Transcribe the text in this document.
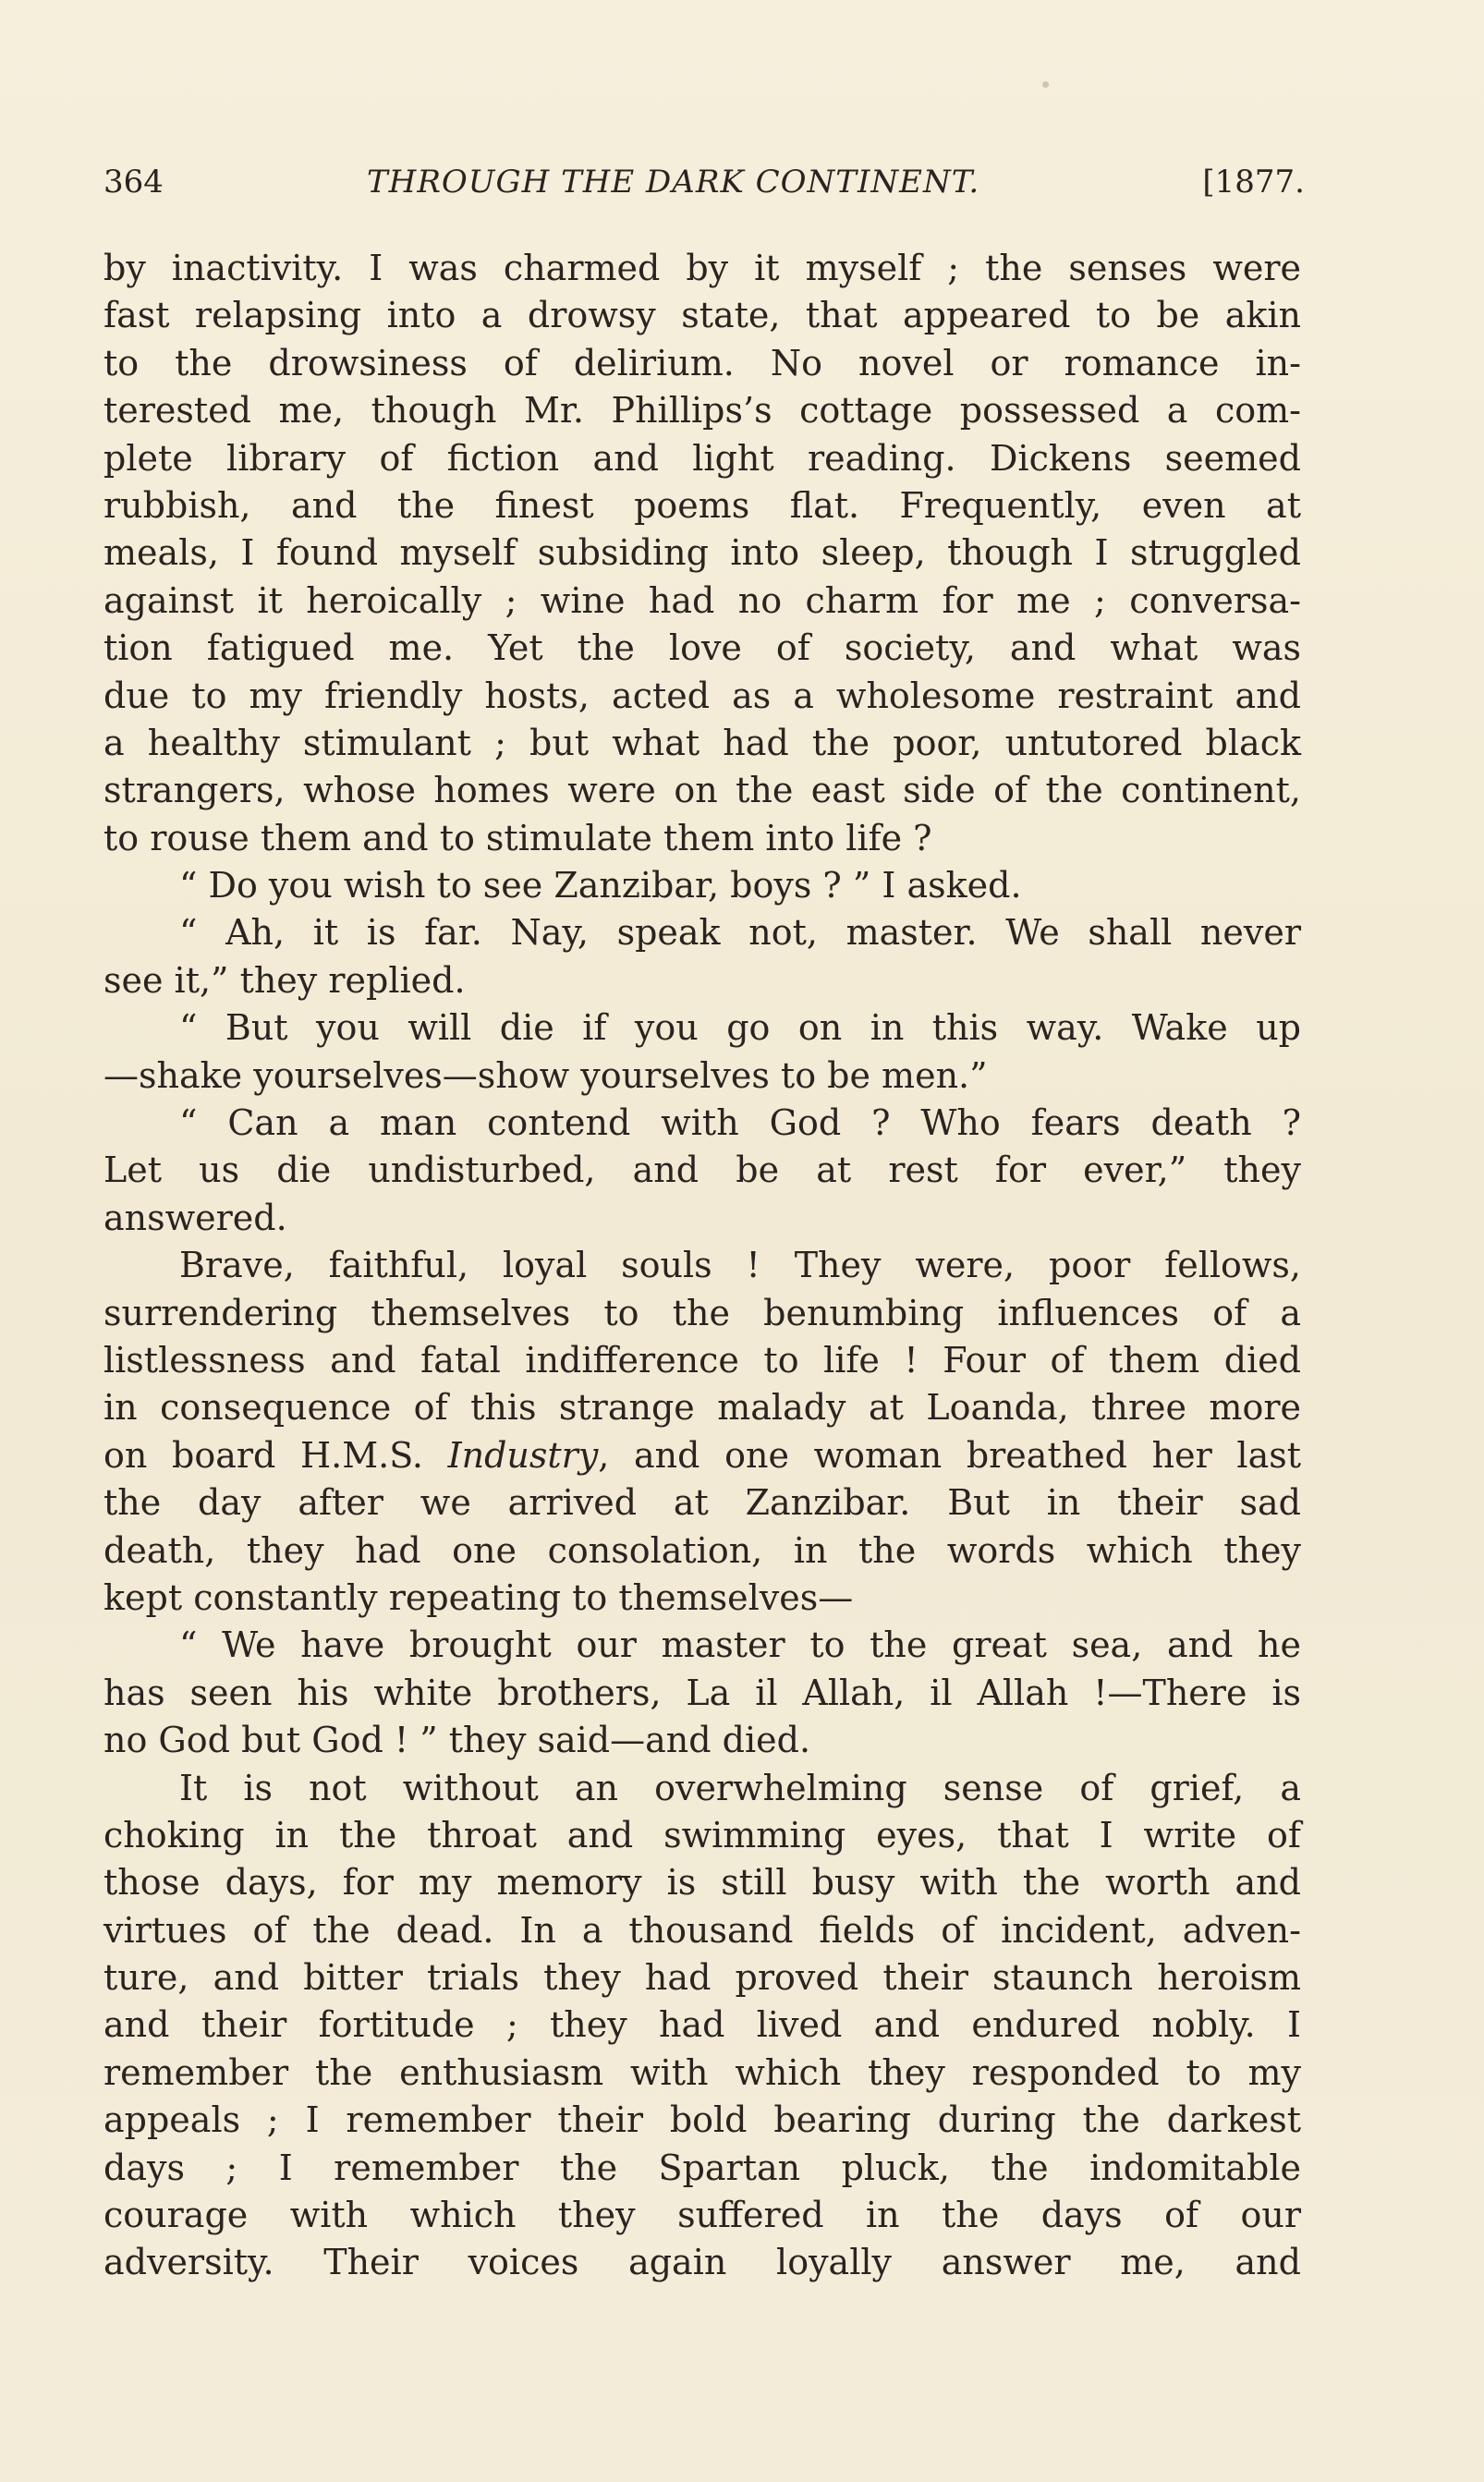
364	THROUGH THE DARK CONTINENT.	[1877.
by inactivity. I was charmed by it myself ; the senses were
fast relapsing into a drowsy state, that appeared to be akin
to the drowsiness of delirium. No novel or romance in-
terested me, though Mr. Phillips’s cottage possessed a com-
plete library of fiction and light reading. Dickens seemed
rubbish, and the finest poems flat. Frequently, even at
meals, I found myself subsiding into sleep, though I struggled
against it heroically ; wine had no charm for me ; conversa-
tion fatigued me. Yet the love of society, and what was
due to my friendly hosts, acted as a wholesome restraint and
a healthy stimulant ; but what had the poor, untutored black
strangers, whose homes were on the east side of the continent,
to rouse them and to stimulate them into life ?
“ Do you wish to see Zanzibar, boys ? ” I asked.
“ Ah, it is far. Nay, speak not, master. We shall never
see it,” they replied.
“ But you will die if you go on in this way. Wake up
—shake yourselves—show yourselves to be men.”
“ Can a man contend with God ? Who fears death ?
Let us die undisturbed, and be at rest for ever,” they
answered.
Brave, faithful, loyal souls ! They were, poor fellows,
surrendering themselves to the benumbing influences of a
listlessness and fatal indifference to life ! Four of them died
in consequence of this strange malady at Loanda, three more
on board H.M.S. Industry, and one woman breathed her last
the day after we arrived at Zanzibar. But in their sad
death, they had one consolation, in the words which they
kept constantly repeating to themselves—
“ We have brought our master to the great sea, and he
has seen his white brothers, La il Allah, il Allah !—There is
no God but God ! ” they said—and died.
It is not without an overwhelming sense of grief, a
choking in the throat and swimming eyes, that I write of
those days, for my memory is still busy with the worth and
virtues of the dead. In a thousand fields of incident, adven-
ture, and bitter trials they had proved their staunch heroism
and their fortitude ; they had lived and endured nobly. I
remember the enthusiasm with which they responded to my
appeals ; I remember their bold bearing during the darkest
days ; I remember the Spartan pluck, the indomitable
courage with which they suffered in the days of our
adversity. Their voices again loyally answer me, and
